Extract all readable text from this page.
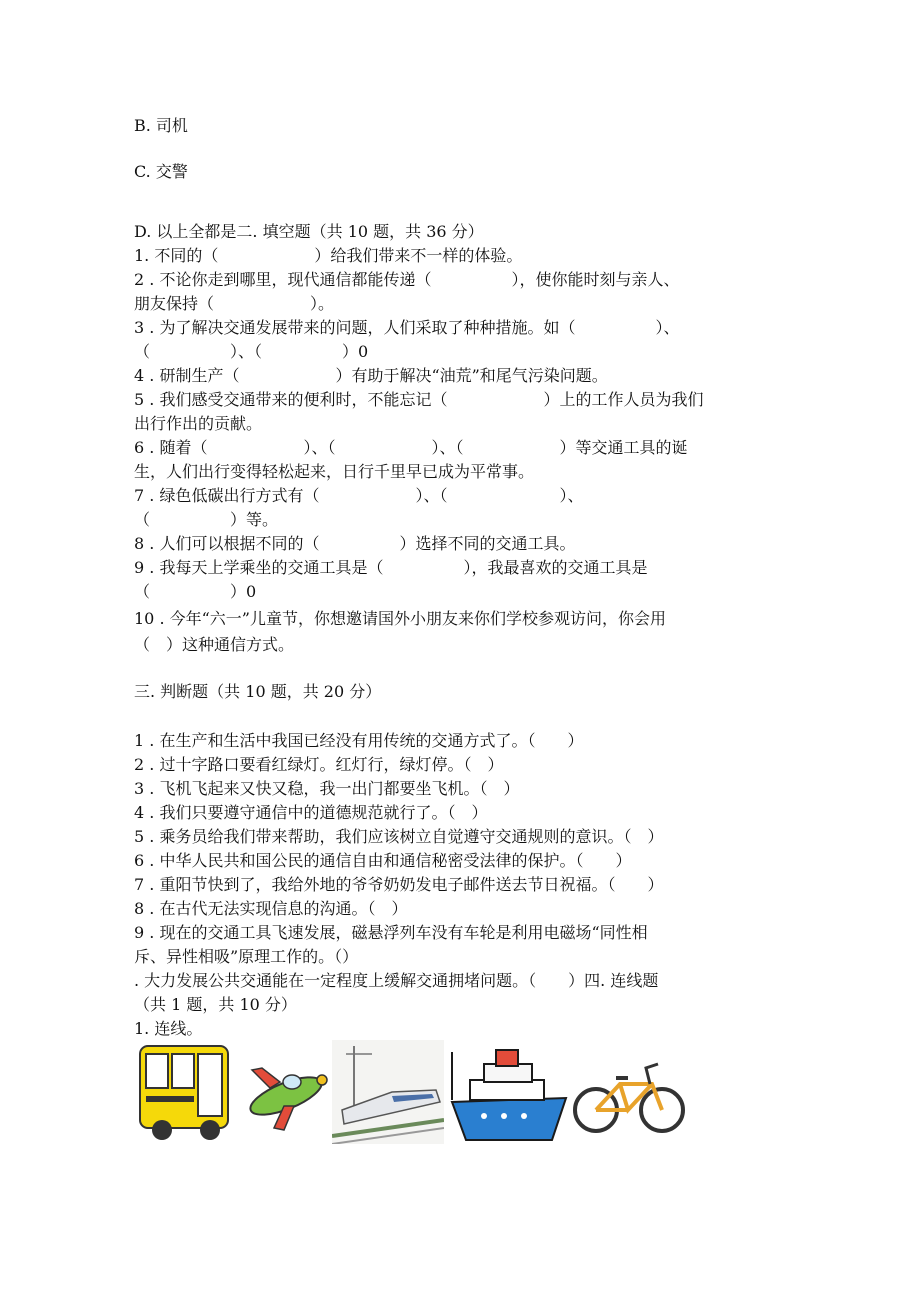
B. 司机
C. 交警
D. 以上全都是二. 填空题（共 10 题，共 36 分）
1. 不同的（　　　　　　）给我们带来不一样的体验。
2 . 不论你走到哪里，现代通信都能传递（　　　　　），使你能时刻与亲人、
朋友保持（　　　　　　）。
3 . 为了解决交通发展带来的问题，人们采取了种种措施。如（　　　　　）、
（　　　　　）、（　　　　　）0
4 . 研制生产（　　　　　　）有助于解决“油荒”和尾气污染问题。
5 . 我们感受交通带来的便利时，不能忘记（　　　　　　）上的工作人员为我们
出行作出的贡献。
6 . 随着（　　　　　　）、（　　　　　　）、（　　　　　　）等交通工具的诞
生，人们出行变得轻松起来，日行千里早已成为平常事。
7 . 绿色低碳出行方式有（　　　　　　）、（　　　　　　　）、
（　　　　　）等。
8 . 人们可以根据不同的（　　　　　）选择不同的交通工具。
9 . 我每天上学乘坐的交通工具是（　　　　　），我最喜欢的交通工具是
（　　　　　）0
10 . 今年“六一”儿童节，你想邀请国外小朋友来你们学校参观访问，你会用
（　）这种通信方式。
三. 判断题（共 10 题，共 20 分）
1 . 在生产和生活中我国已经没有用传统的交通方式了。（　　）
2 . 过十字路口要看红绿灯。红灯行，绿灯停。（　）
3 . 飞机飞起来又快又稳，我一出门都要坐飞机。（　）
4 . 我们只要遵守通信中的道德规范就行了。（　）
5 . 乘务员给我们带来帮助，我们应该树立自觉遵守交通规则的意识。（　）
6 . 中华人民共和国公民的通信自由和通信秘密受法律的保护。（　　）
7 . 重阳节快到了，我给外地的爷爷奶奶发电子邮件送去节日祝福。（　　）
8 . 在古代无法实现信息的沟通。（　）
9 . 现在的交通工具飞速发展，磁悬浮列车没有车轮是利用电磁场“同性相
斥、异性相吸”原理工作的。（）
. 大力发展公共交通能在一定程度上缓解交通拥堵问题。（　　）四. 连线题
（共 1 题，共 10 分）
1. 连线。
